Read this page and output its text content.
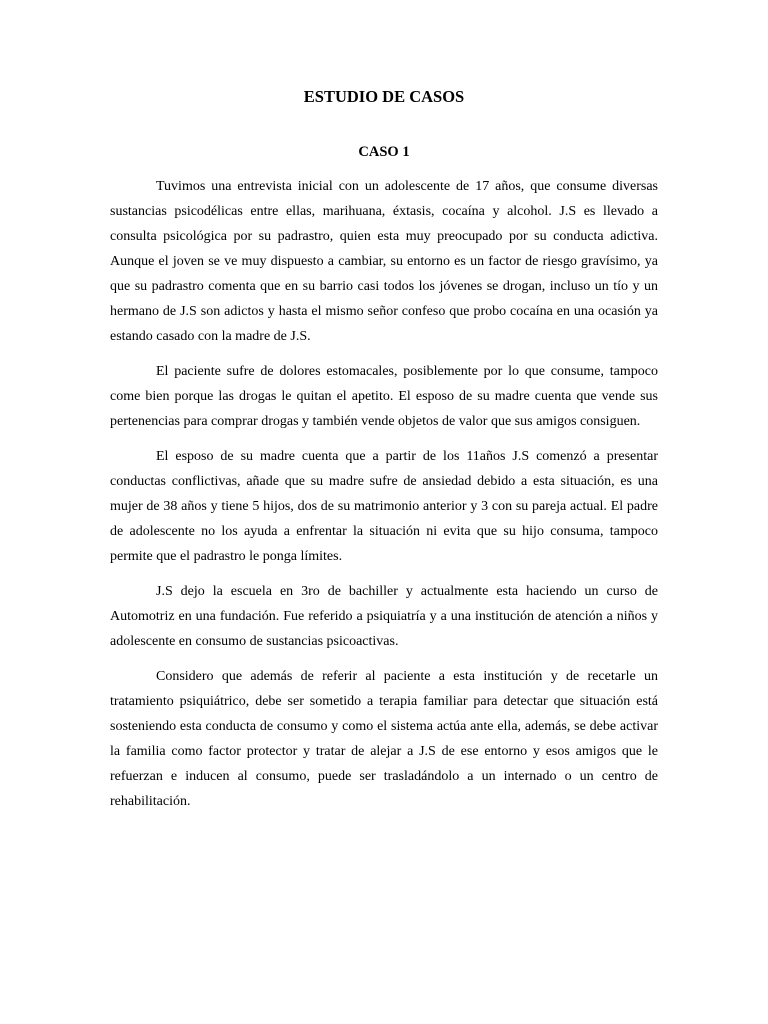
ESTUDIO DE CASOS
CASO 1

Tuvimos una entrevista inicial con un adolescente de 17 años, que consume diversas sustancias psicodélicas entre ellas, marihuana, éxtasis, cocaína y alcohol. J.S es llevado a consulta psicológica por su padrastro, quien esta muy preocupado por su conducta adictiva. Aunque el joven se ve muy dispuesto a cambiar, su entorno es un factor de riesgo gravísimo, ya que su padrastro comenta que en su barrio casi todos los jóvenes se drogan, incluso un tío y un hermano de J.S son adictos y hasta el mismo señor confeso que probo cocaína en una ocasión ya estando casado con la madre de J.S.

El paciente sufre de dolores estomacales, posiblemente por lo que consume, tampoco come bien porque las drogas le quitan el apetito. El esposo de su madre cuenta que vende sus pertenencias para comprar drogas y también vende objetos de valor que sus amigos consiguen.

El esposo de su madre cuenta que a partir de los 11años J.S comenzó a presentar conductas conflictivas, añade que su madre sufre de ansiedad debido a esta situación, es una mujer de 38 años y tiene 5 hijos, dos de su matrimonio anterior y 3 con su pareja actual. El padre de adolescente no los ayuda a enfrentar la situación ni evita que su hijo consuma, tampoco permite que el padrastro le ponga límites.

J.S dejo la escuela en 3ro de bachiller y actualmente esta haciendo un curso de Automotriz en una fundación. Fue referido a psiquiatría y a una institución de atención a niños y adolescente en consumo de sustancias psicoactivas.

Considero que además de referir al paciente a esta institución y de recetarle un tratamiento psiquiátrico, debe ser sometido a terapia familiar para detectar que situación está sosteniendo esta conducta de consumo y como el sistema actúa ante ella, además, se debe activar la familia como factor protector y tratar de alejar a J.S de ese entorno y esos amigos que le refuerzan e inducen al consumo, puede ser trasladándolo a un internado o un centro de rehabilitación.
